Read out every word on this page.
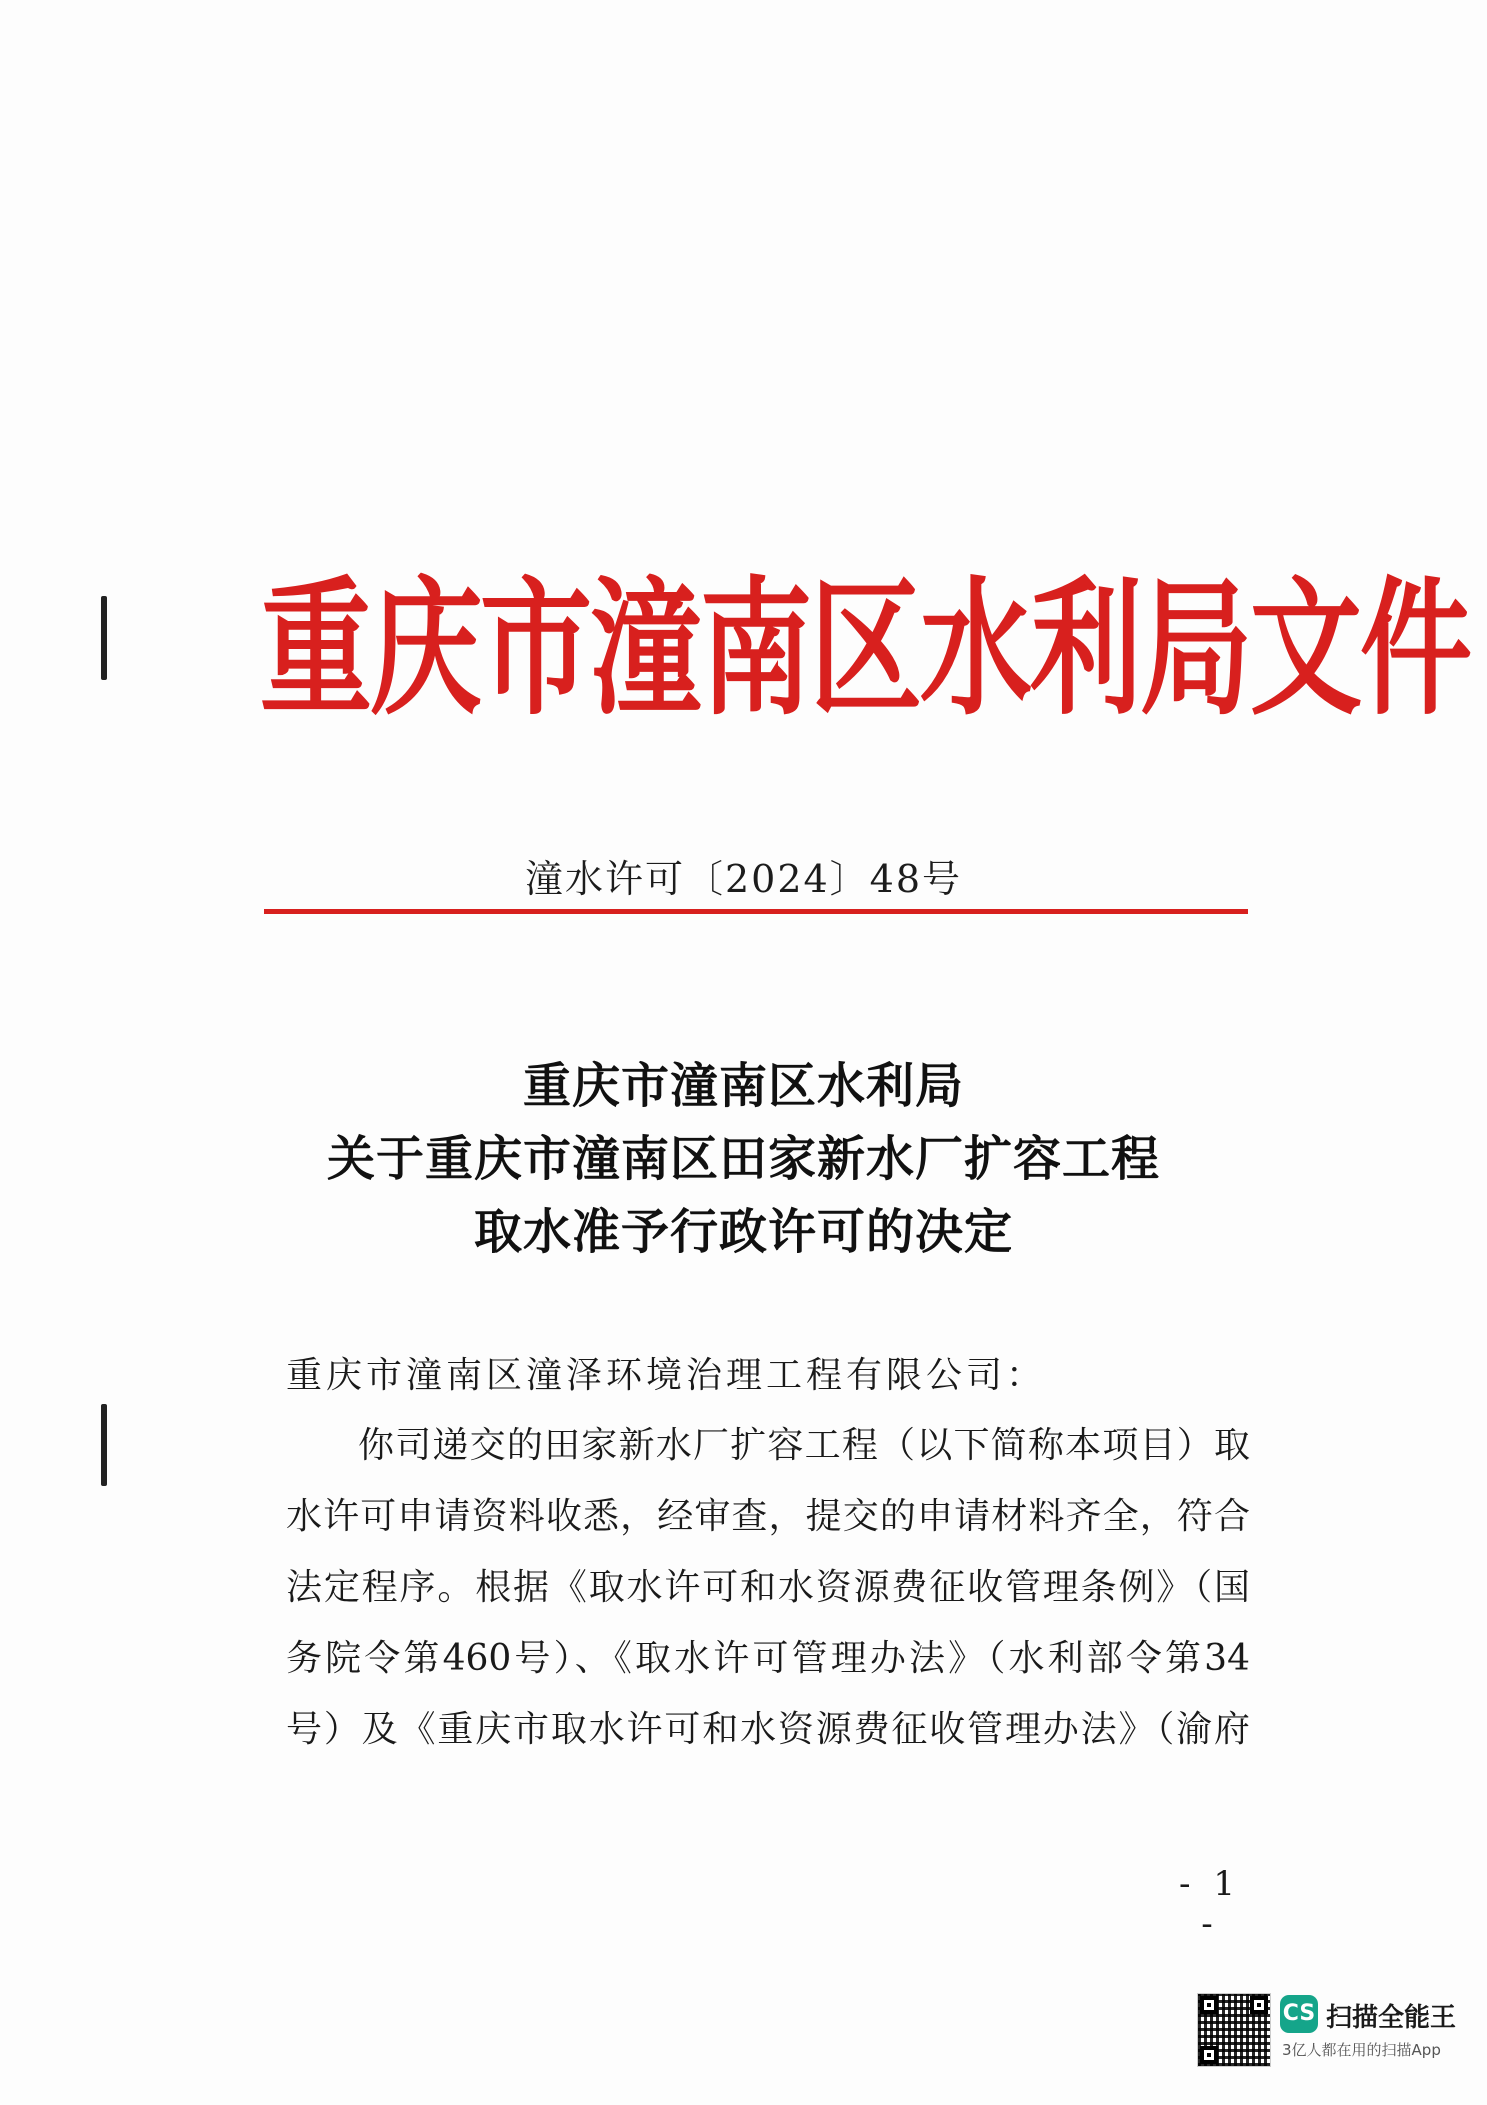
重庆市潼南区水利局文件
潼水许可〔2024〕48号
重庆市潼南区水利局
关于重庆市潼南区田家新水厂扩容工程
取水准予行政许可的决定
重庆市潼南区潼泽环境治理工程有限公司：
你司递交的田家新水厂扩容工程（以下简称本项目）取
水许可申请资料收悉，经审查，提交的申请材料齐全，符合
法定程序。根据《取水许可和水资源费征收管理条例》（国
务院令第460号）、《取水许可管理办法》（水利部令第34
号）及《重庆市取水许可和水资源费征收管理办法》（渝府
- 1 -
CS 扫描全能王
3亿人都在用的扫描App
